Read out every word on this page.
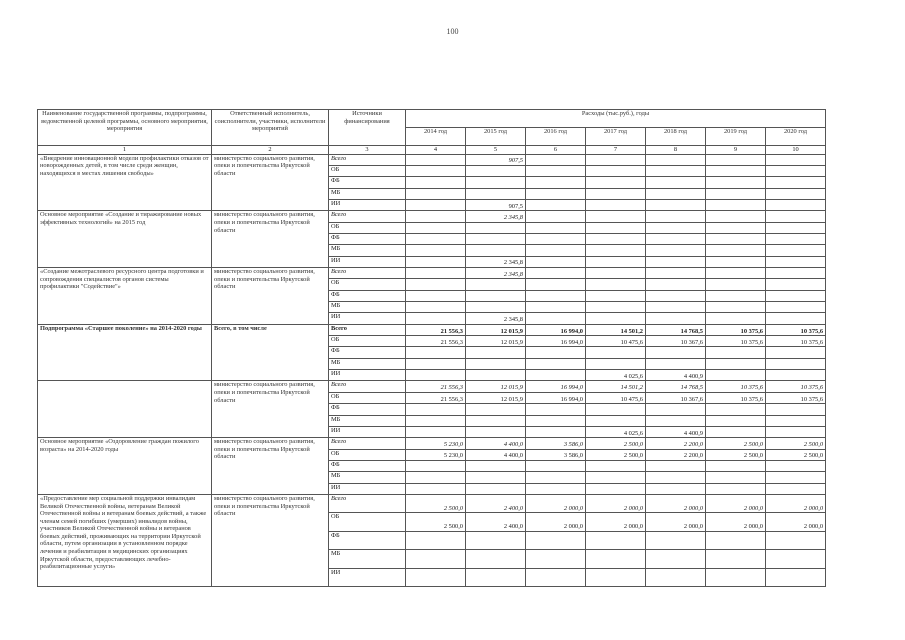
100
Наименование государственной программы, подпрограммы, ведомственной целевой программы, основного мероприятия, мероприятия	Ответственный исполнитель, соисполнители, участники, исполнители мероприятий	Источники финансирования	Расходы (тыс.руб.), годы						
			2014 год	2015 год	2016 год	2017 год	2018 год	2019 год	2020 год
1	2	3	4	5	6	7	8	9	10
«Внедрение инновационной модели профилактики отказов от новорожденных детей, в том числе среди женщин, находящихся в местах лишения свободы»	министерство социального развития, опеки и попечительства Иркутской области	Всего		907,5					
		ОБ							
		ФБ							
		МБ							
		ИИ		907,5					
Основное мероприятие «Создание и тиражирование новых эффективных технологий» на 2015 год	министерство социального развития, опеки и попечительства Иркутской области	Всего		2 345,8					
		ОБ							
		ФБ							
		МБ							
		ИИ		2 345,8					
«Создание межотраслевого ресурсного центра подготовки и сопровождения специалистов органов системы профилактики "Содействие"»	министерство социального развития, опеки и попечительства Иркутской области	Всего		2 345,8					
		ОБ							
		ФБ							
		МБ							
		ИИ		2 345,8					
Подпрограмма «Старшее поколение» на 2014-2020 годы	Всего, в том числе	Всего	21 556,3	12 015,9	16 994,0	14 501,2	14 768,5	10 375,6	10 375,6
		ОБ	21 556,3	12 015,9	16 994,0	10 475,6	10 367,6	10 375,6	10 375,6
		ФБ							
		МБ							
		ИИ				4 025,6	4 400,9		
	министерство социального развития, опеки и попечительства Иркутской области	Всего	21 556,3	12 015,9	16 994,0	14 501,2	14 768,5	10 375,6	10 375,6
		ОБ	21 556,3	12 015,9	16 994,0	10 475,6	10 367,6	10 375,6	10 375,6
		ФБ							
		МБ							
		ИИ				4 025,6	4 400,9		
Основное мероприятие «Оздоровление граждан пожилого возраста» на 2014-2020 годы	министерство социального развития, опеки и попечительства Иркутской области	Всего	5 230,0	4 400,0	3 586,0	2 500,0	2 200,0	2 500,0	2 500,0
		ОБ	5 230,0	4 400,0	3 586,0	2 500,0	2 200,0	2 500,0	2 500,0
		ФБ							
		МБ							
		ИИ							
«Предоставление мер социальной поддержки инвалидам Великой Отечественной войны, ветеранам Великой Отечественной войны и ветеранам боевых действий, а также членам семей погибших (умерших) инвалидов войны, участников Великой Отечественной войны и ветеранов боевых действий, проживающих на территории Иркутской области, путем организации в установленном порядке лечения и реабилитации в медицинских организациях Иркутской области, предоставляющих лечебно-реабилитационные услуги»	министерство социального развития, опеки и попечительства Иркутской области	Всего	2 500,0	2 400,0	2 000,0	2 000,0	2 000,0	2 000,0	2 000,0
		ОБ	2 500,0	2 400,0	2 000,0	2 000,0	2 000,0	2 000,0	2 000,0
		ФБ							
		МБ							
		ИИ							
